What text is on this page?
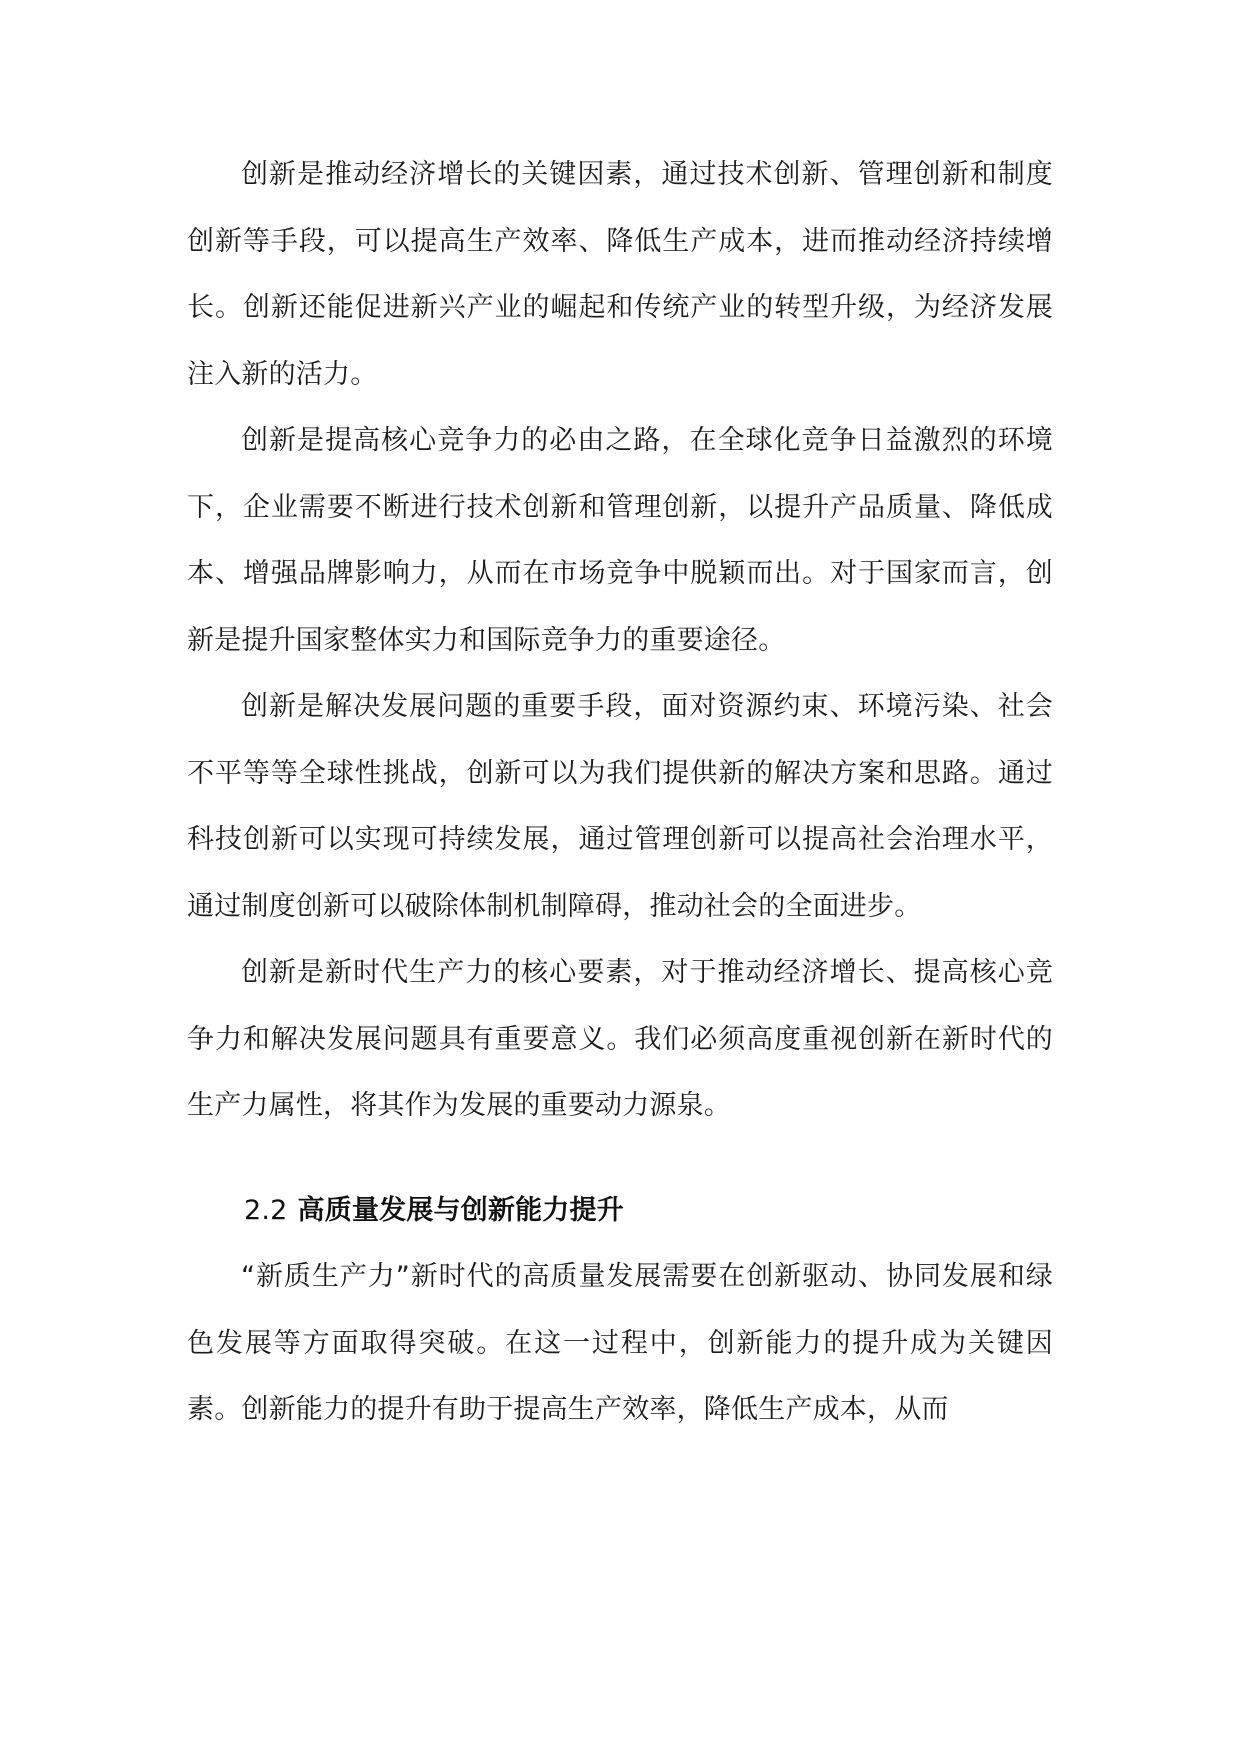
创新是推动经济增长的关键因素，通过技术创新、管理创新和制度创新等手段，可以提高生产效率、降低生产成本，进而推动经济持续增长。创新还能促进新兴产业的崛起和传统产业的转型升级，为经济发展注入新的活力。

创新是提高核心竞争力的必由之路，在全球化竞争日益激烈的环境下，企业需要不断进行技术创新和管理创新，以提升产品质量、降低成本、增强品牌影响力，从而在市场竞争中脱颖而出。对于国家而言，创新是提升国家整体实力和国际竞争力的重要途径。

创新是解决发展问题的重要手段，面对资源约束、环境污染、社会不平等等全球性挑战，创新可以为我们提供新的解决方案和思路。通过科技创新可以实现可持续发展，通过管理创新可以提高社会治理水平，通过制度创新可以破除体制机制障碍，推动社会的全面进步。

创新是新时代生产力的核心要素，对于推动经济增长、提高核心竞争力和解决发展问题具有重要意义。我们必须高度重视创新在新时代的生产力属性，将其作为发展的重要动力源泉。

2.2 高质量发展与创新能力提升

“新质生产力”新时代的高质量发展需要在创新驱动、协同发展和绿色发展等方面取得突破。在这一过程中，创新能力的提升成为关键因素。创新能力的提升有助于提高生产效率，降低生产成本，从而
